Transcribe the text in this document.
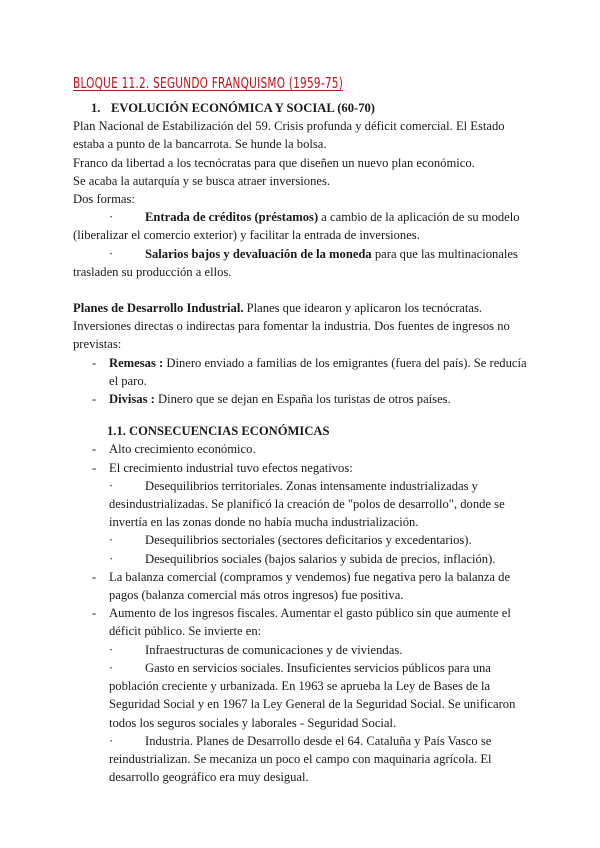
BLOQUE 11.2. SEGUNDO FRANQUISMO (1959-75)
1. EVOLUCIÓN ECONÓMICA Y SOCIAL (60-70)

Plan Nacional de Estabilización del 59. Crisis profunda y déficit comercial. El Estado estaba a punto de la bancarrota. Se hunde la bolsa.

Franco da libertad a los tecnócratas para que diseñen un nuevo plan económico.

Se acaba la autarquía y se busca atraer inversiones.

Dos formas:

·	Entrada de créditos (préstamos) a cambio de la aplicación de su modelo (liberalizar el comercio exterior) y facilitar la entrada de inversiones.

·	Salarios bajos y devaluación de la moneda para que las multinacionales trasladen su producción a ellos.

Planes de Desarrollo Industrial. Planes que idearon y aplicaron los tecnócratas. Inversiones directas o indirectas para fomentar la industria. Dos fuentes de ingresos no previstas:

- Remesas : Dinero enviado a familias de los emigrantes (fuera del país). Se reducía el paro.
- Divisas : Dinero que se dejan en España los turistas de otros países.
1.1. CONSECUENCIAS ECONÓMICAS
- Alto crecimiento económico.
- El crecimiento industrial tuvo efectos negativos:
·	Desequilibrios territoriales. Zonas intensamente industrializadas y desindustrializadas. Se planificó la creación de "polos de desarrollo", donde se invertía en las zonas donde no había mucha industrialización.
·	Desequilibrios sectoriales (sectores deficitarios y excedentarios).
·	Desequilibrios sociales (bajos salarios y subida de precios, inflación).
- La balanza comercial (compramos y vendemos) fue negativa pero la balanza de pagos (balanza comercial más otros ingresos) fue positiva.
- Aumento de los ingresos fiscales. Aumentar el gasto público sin que aumente el déficit público. Se invierte en:
·	Infraestructuras de comunicaciones y de viviendas.
·	Gasto en servicios sociales. Insuficientes servicios públicos para una población creciente y urbanizada. En 1963 se aprueba la Ley de Bases de la Seguridad Social y en 1967 la Ley General de la Seguridad Social. Se unificaron todos los seguros sociales y laborales - Seguridad Social.
·	Industria. Planes de Desarrollo desde el 64. Cataluña y País Vasco se reindustrializan. Se mecaniza un poco el campo con maquinaria agrícola. El desarrollo geográfico era muy desigual.
